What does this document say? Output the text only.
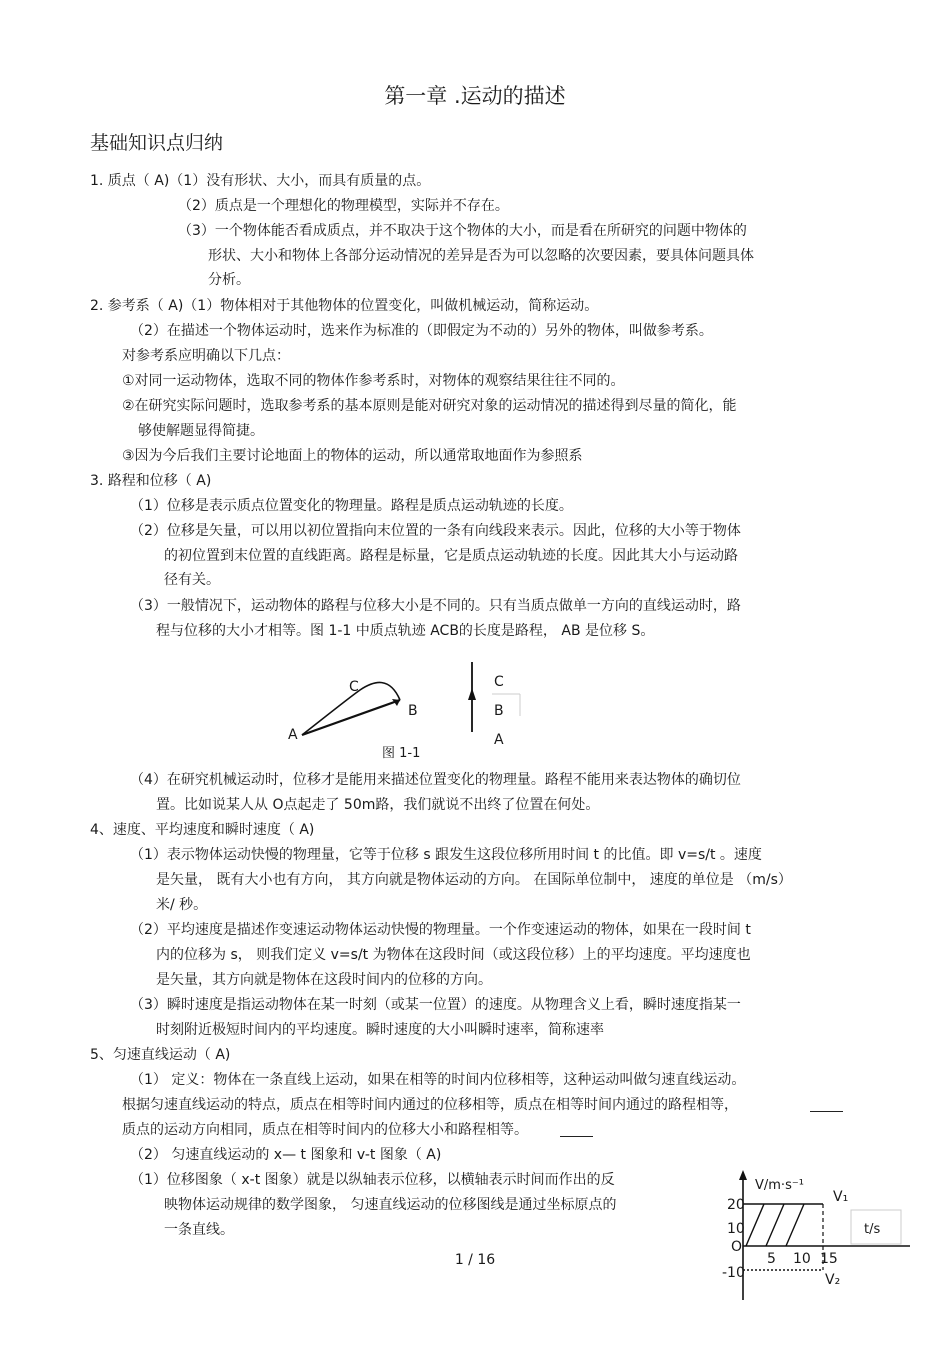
第一章 .运动的描述
基础知识点归纳
1. 质点（ A)（1）没有形状、大小，而具有质量的点。
（2）质点是一个理想化的物理模型，实际并不存在。
（3）一个物体能否看成质点，并不取决于这个物体的大小，而是看在所研究的问题中物体的
形状、大小和物体上各部分运动情况的差异是否为可以忽略的次要因素，要具体问题具体
分析。
2. 参考系（ A)（1）物体相对于其他物体的位置变化，叫做机械运动，简称运动。
（2）在描述一个物体运动时，选来作为标准的（即假定为不动的）另外的物体，叫做参考系。
对参考系应明确以下几点：
①对同一运动物体，选取不同的物体作参考系时，对物体的观察结果往往不同的。
②在研究实际问题时，选取参考系的基本原则是能对研究对象的运动情况的描述得到尽量的简化，能
够使解题显得简捷。
③因为今后我们主要讨论地面上的物体的运动，所以通常取地面作为参照系
3. 路程和位移（ A)
（1）位移是表示质点位置变化的物理量。路程是质点运动轨迹的长度。
（2）位移是矢量，可以用以初位置指向末位置的一条有向线段来表示。因此，位移的大小等于物体
的初位置到末位置的直线距离。路程是标量，它是质点运动轨迹的长度。因此其大小与运动路
径有关。
（3）一般情况下，运动物体的路程与位移大小是不同的。只有当质点做单一方向的直线运动时，路
程与位移的大小才相等。图 1-1 中质点轨迹 ACB的长度是路程， AB 是位移 S。
（4）在研究机械运动时，位移才是能用来描述位置变化的物理量。路程不能用来表达物体的确切位
置。比如说某人从 O点起走了 50m路，我们就说不出终了位置在何处。
4、速度、平均速度和瞬时速度（ A)
（1）表示物体运动快慢的物理量，它等于位移 s 跟发生这段位移所用时间 t 的比值。即 v=s/t 。速度
是矢量， 既有大小也有方向， 其方向就是物体运动的方向。 在国际单位制中， 速度的单位是 （m/s）
米/ 秒。
（2）平均速度是描述作变速运动物体运动快慢的物理量。一个作变速运动的物体，如果在一段时间 t
内的位移为 s， 则我们定义 v=s/t 为物体在这段时间（或这段位移）上的平均速度。平均速度也
是矢量，其方向就是物体在这段时间内的位移的方向。
（3）瞬时速度是指运动物体在某一时刻（或某一位置）的速度。从物理含义上看，瞬时速度指某一
时刻附近极短时间内的平均速度。瞬时速度的大小叫瞬时速率，简称速率
5、匀速直线运动（ A)
（1） 定义：物体在一条直线上运动，如果在相等的时间内位移相等，这种运动叫做匀速直线运动。
根据匀速直线运动的特点，质点在相等时间内通过的位移相等，质点在相等时间内通过的路程相等，
质点的运动方向相同，质点在相等时间内的位移大小和路程相等。
（2） 匀速直线运动的 x— t 图象和 v-t 图象（ A)
（1）位移图象（ x-t 图象）就是以纵轴表示位移，以横轴表示时间而作出的反
映物体运动规律的数学图象， 匀速直线运动的位移图线是通过坐标原点的
一条直线。
C
B
A
C
B
A
图 1-1
V/m·s⁻¹
t/s
20
10
O
-10
5 10 15
V₁
V₂
1 / 16
